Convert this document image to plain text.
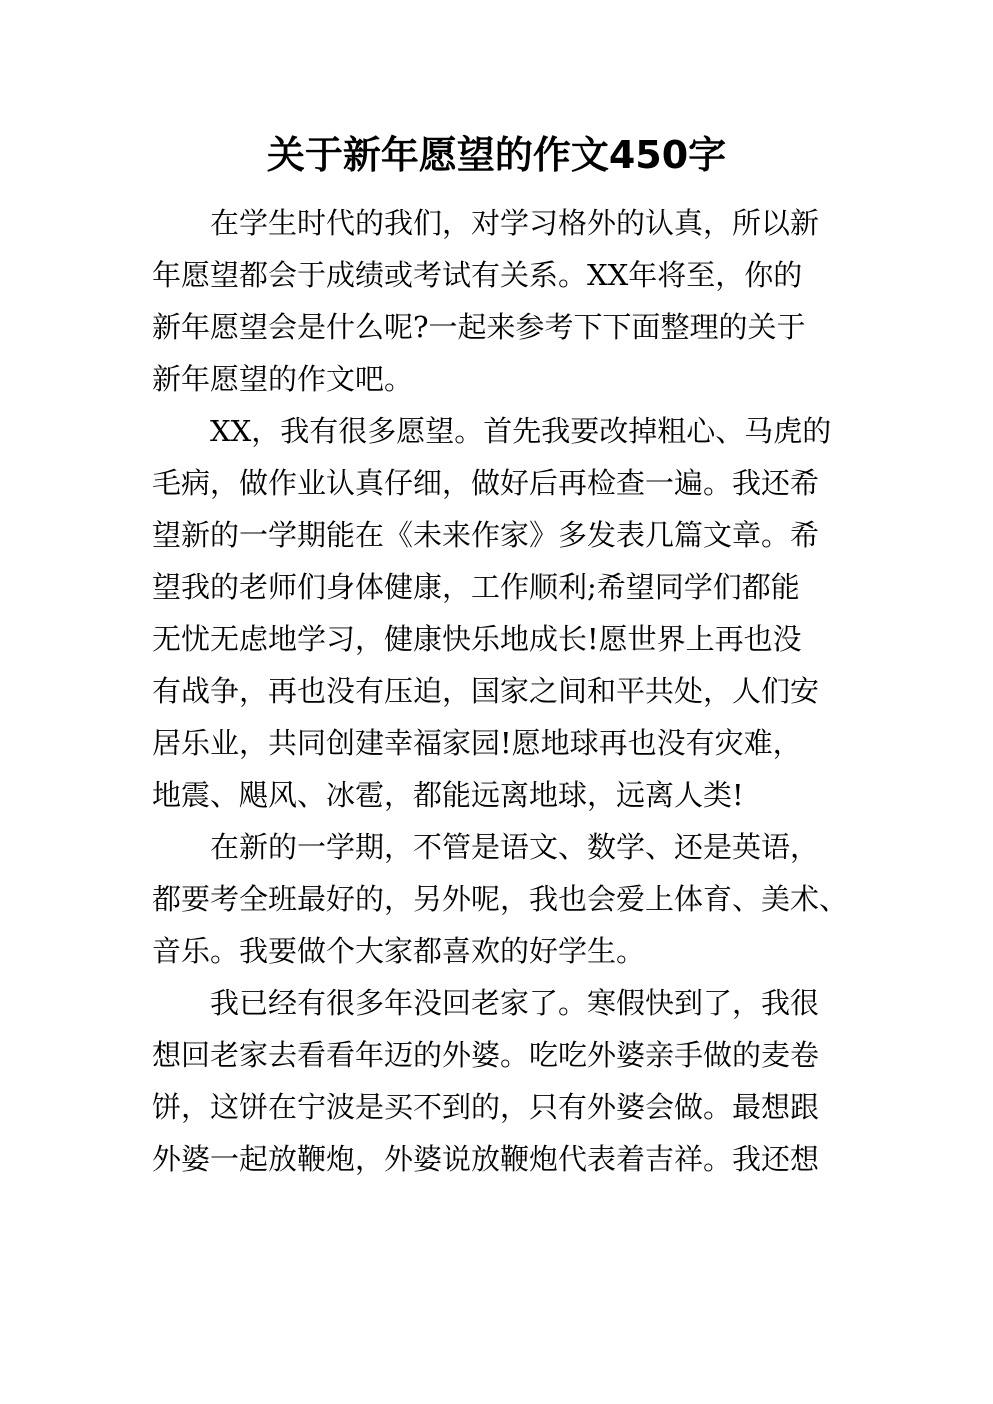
关于新年愿望的作文450字
在学生时代的我们，对学习格外的认真，所以新
年愿望都会于成绩或考试有关系。XX年将至，你的
新年愿望会是什么呢?一起来参考下下面整理的关于
新年愿望的作文吧。
XX，我有很多愿望。首先我要改掉粗心、马虎的
毛病，做作业认真仔细，做好后再检查一遍。我还希
望新的一学期能在《未来作家》多发表几篇文章。希
望我的老师们身体健康，工作顺利;希望同学们都能
无忧无虑地学习，健康快乐地成长!愿世界上再也没
有战争，再也没有压迫，国家之间和平共处，人们安
居乐业，共同创建幸福家园!愿地球再也没有灾难，
地震、飓风、冰雹，都能远离地球，远离人类!
在新的一学期，不管是语文、数学、还是英语，
都要考全班最好的，另外呢，我也会爱上体育、美术、
音乐。我要做个大家都喜欢的好学生。
我已经有很多年没回老家了。寒假快到了，我很
想回老家去看看年迈的外婆。吃吃外婆亲手做的麦卷
饼，这饼在宁波是买不到的，只有外婆会做。最想跟
外婆一起放鞭炮，外婆说放鞭炮代表着吉祥。我还想
